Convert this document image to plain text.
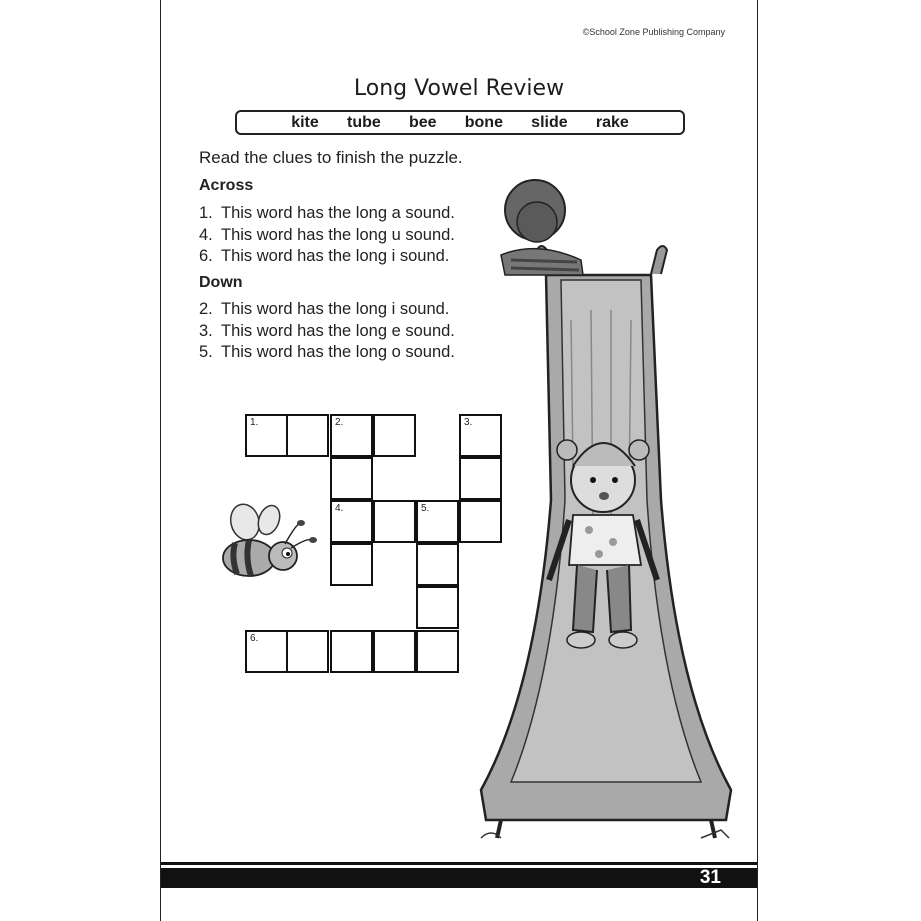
©School Zone Publishing Company
Long Vowel Review
kite tube bee bone slide rake
Read the clues to finish the puzzle.
Across
1. This word has the long a sound.
4. This word has the long u sound.
6. This word has the long i sound.
Down
2. This word has the long i sound.
3. This word has the long e sound.
5. This word has the long o sound.
1.	2.	3.
4.	5.
6.
31
